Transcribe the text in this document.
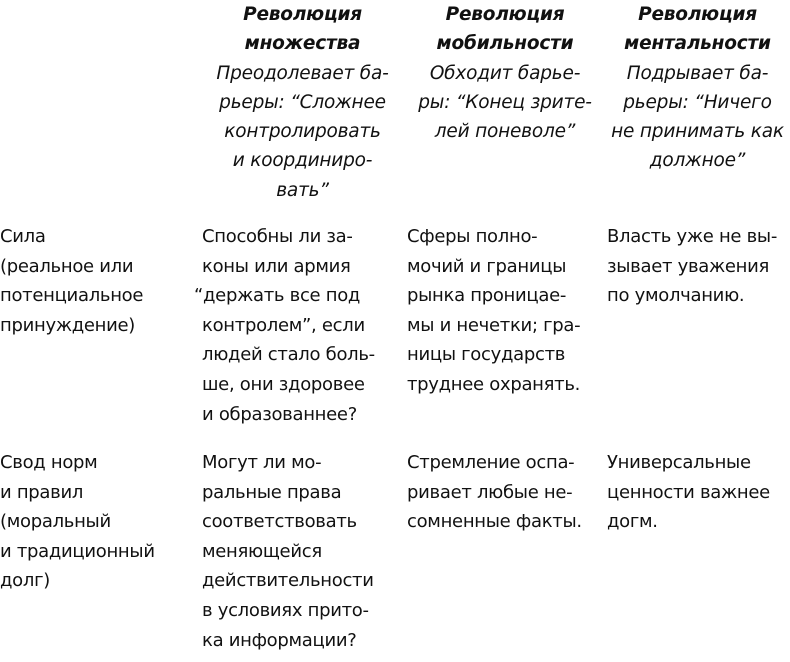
Революция
множества
Преодолевает ба-
рьеры: “Сложнее
контролировать
и координиро-
вать”
Революция
мобильности
Обходит барье-
ры: “Конец зрите-
лей поневоле”
Революция
ментальности
Подрывает ба-
рьеры: “Ничего
не принимать как
должное”
Сила
(реальное или
потенциальное
принуждение)
Способны ли за-
коны или армия
“держать все под
контролем”, если
людей стало боль-
ше, они здоровее
и образованнее?
Сферы полно-
мочий и границы
рынка проницае-
мы и нечетки; гра-
ницы государств
труднее охранять.
Власть уже не вы-
зывает уважения
по умолчанию.
Свод норм
и правил
(моральный
и традиционный
долг)
Могут ли мо-
ральные права
соответствовать
меняющейся
действительности
в условиях прито-
ка информации?
Стремление оспа-
ривает любые не-
сомненные факты.
Универсальные
ценности важнее
догм.
